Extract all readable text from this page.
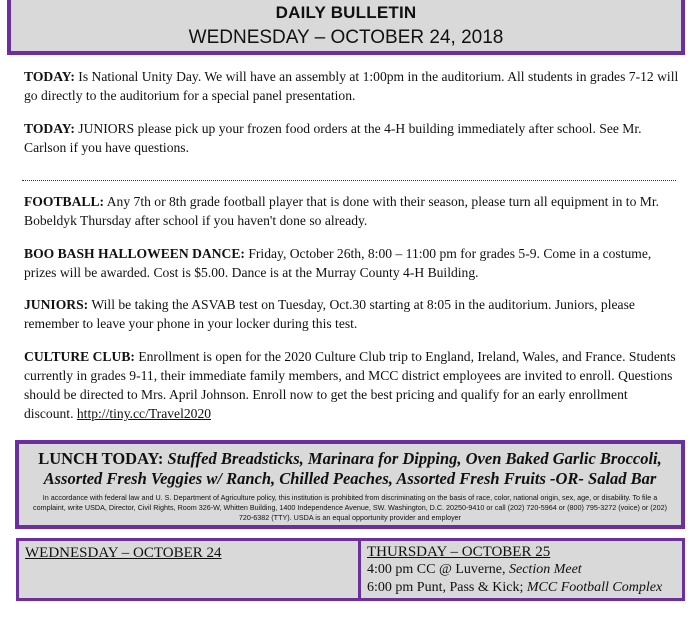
DAILY BULLETIN
WEDNESDAY – OCTOBER 24, 2018
TODAY: Is National Unity Day. We will have an assembly at 1:00pm in the auditorium. All students in grades 7-12 will go directly to the auditorium for a special panel presentation.
TODAY: JUNIORS please pick up your frozen food orders at the 4-H building immediately after school. See Mr. Carlson if you have questions.
FOOTBALL: Any 7th or 8th grade football player that is done with their season, please turn all equipment in to Mr. Bobeldyk Thursday after school if you haven't done so already.
BOO BASH HALLOWEEN DANCE: Friday, October 26th, 8:00 – 11:00 pm for grades 5-9. Come in a costume, prizes will be awarded. Cost is $5.00. Dance is at the Murray County 4-H Building.
JUNIORS: Will be taking the ASVAB test on Tuesday, Oct.30 starting at 8:05 in the auditorium. Juniors, please remember to leave your phone in your locker during this test.
CULTURE CLUB: Enrollment is open for the 2020 Culture Club trip to England, Ireland, Wales, and France. Students currently in grades 9-11, their immediate family members, and MCC district employees are invited to enroll. Questions should be directed to Mrs. April Johnson. Enroll now to get the best pricing and qualify for an early enrollment discount. http://tiny.cc/Travel2020
LUNCH TODAY: Stuffed Breadsticks, Marinara for Dipping, Oven Baked Garlic Broccoli, Assorted Fresh Veggies w/ Ranch, Chilled Peaches, Assorted Fresh Fruits -OR- Salad Bar
In accordance with federal law and U. S. Department of Agriculture policy, this institution is prohibited from discriminating on the basis of race, color, national origin, sex, age, or disability. To file a complaint, write USDA, Director, Civil Rights, Room 326-W, Whitten Building, 1400 Independence Avenue, SW. Washington, D.C. 20250-9410 or call (202) 720-5964 or (800) 795-3272 (voice) or (202) 720-6382 (TTY). USDA is an equal opportunity provider and employer
WEDNESDAY – OCTOBER 24	THURSDAY – OCTOBER 25
4:00 pm CC @ Luverne, Section Meet
6:00 pm Punt, Pass & Kick; MCC Football Complex
